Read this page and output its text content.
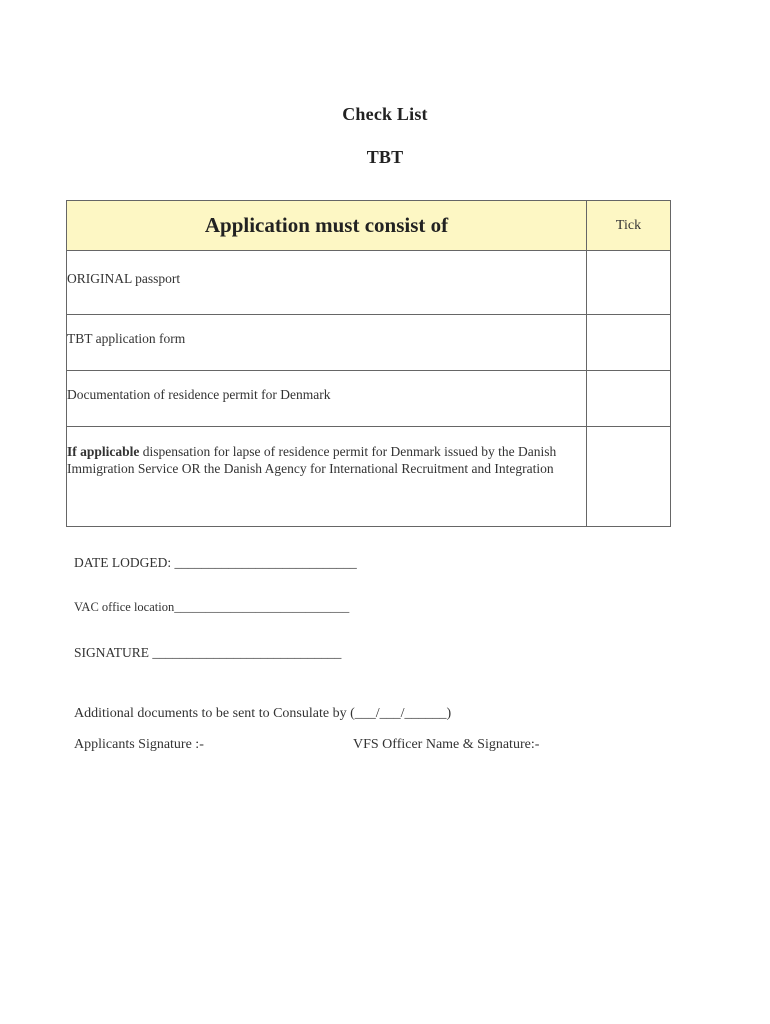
Check List
TBT
Application must consist of	Tick
ORIGINAL passport	
TBT application form	
Documentation of residence permit for Denmark	
If applicable dispensation for lapse of residence permit for Denmark issued by the Danish Immigration Service OR the Danish Agency for International Recruitment and Integration	
DATE LODGED: ___________________________
VAC office location____________________________
SIGNATURE ____________________________
Additional documents to be sent to Consulate by (___/___/______)
Applicants Signature :-	VFS Officer Name & Signature:-
